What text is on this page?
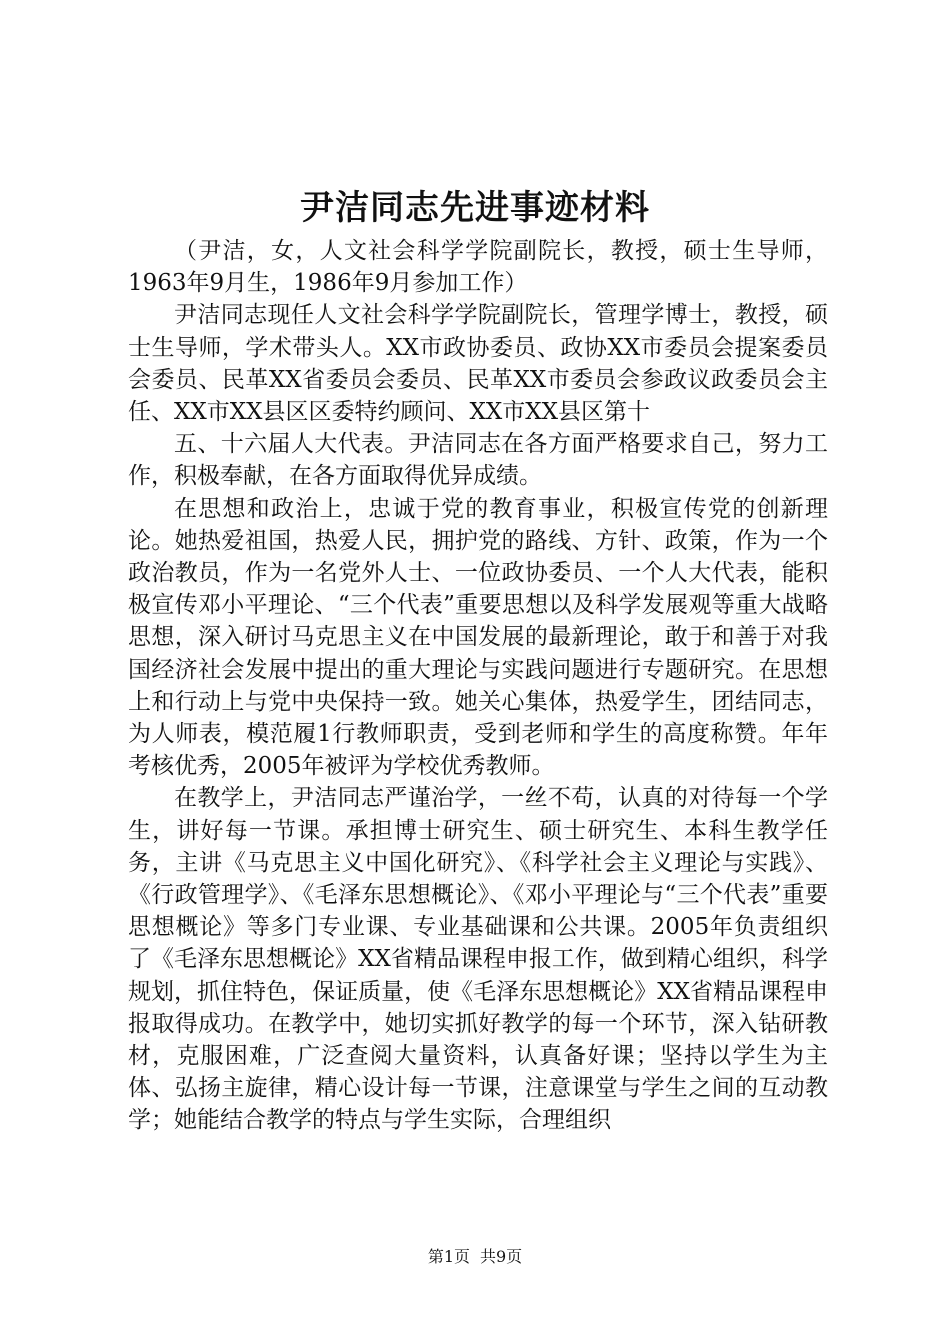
尹洁同志先进事迹材料

（尹洁，女，人文社会科学学院副院长，教授，硕士生导师，1963年9月生，1986年9月参加工作）

尹洁同志现任人文社会科学学院副院长，管理学博士，教授，硕士生导师，学术带头人。XX市政协委员、政协XX市委员会提案委员会委员、民革XX省委员会委员、民革XX市委员会参政议政委员会主任、XX市XX县区区委特约顾问、XX市XX县区第十

五、十六届人大代表。尹洁同志在各方面严格要求自己，努力工作，积极奉献，在各方面取得优异成绩。

在思想和政治上，忠诚于党的教育事业，积极宣传党的创新理论。她热爱祖国，热爱人民，拥护党的路线、方针、政策，作为一个政治教员，作为一名党外人士、一位政协委员、一个人大代表，能积极宣传邓小平理论、“三个代表”重要思想以及科学发展观等重大战略思想，深入研讨马克思主义在中国发展的最新理论，敢于和善于对我国经济社会发展中提出的重大理论与实践问题进行专题研究。在思想上和行动上与党中央保持一致。她关心集体，热爱学生，团结同志，为人师表，模范履1行教师职责，受到老师和学生的高度称赞。年年考核优秀，2005年被评为学校优秀教师。

在教学上，尹洁同志严谨治学，一丝不苟，认真的对待每一个学生，讲好每一节课。承担博士研究生、硕士研究生、本科生教学任务，主讲《马克思主义中国化研究》、《科学社会主义理论与实践》、《行政管理学》、《毛泽东思想概论》、《邓小平理论与“三个代表”重要思想概论》等多门专业课、专业基础课和公共课。2005年负责组织了《毛泽东思想概论》XX省精品课程申报工作，做到精心组织，科学规划，抓住特色，保证质量，使《毛泽东思想概论》XX省精品课程申报取得成功。在教学中，她切实抓好教学的每一个环节，深入钻研教材，克服困难，广泛查阅大量资料，认真备好课；坚持以学生为主体、弘扬主旋律，精心设计每一节课，注意课堂与学生之间的互动教学；她能结合教学的特点与学生实际，合理组织

第1页 共9页
